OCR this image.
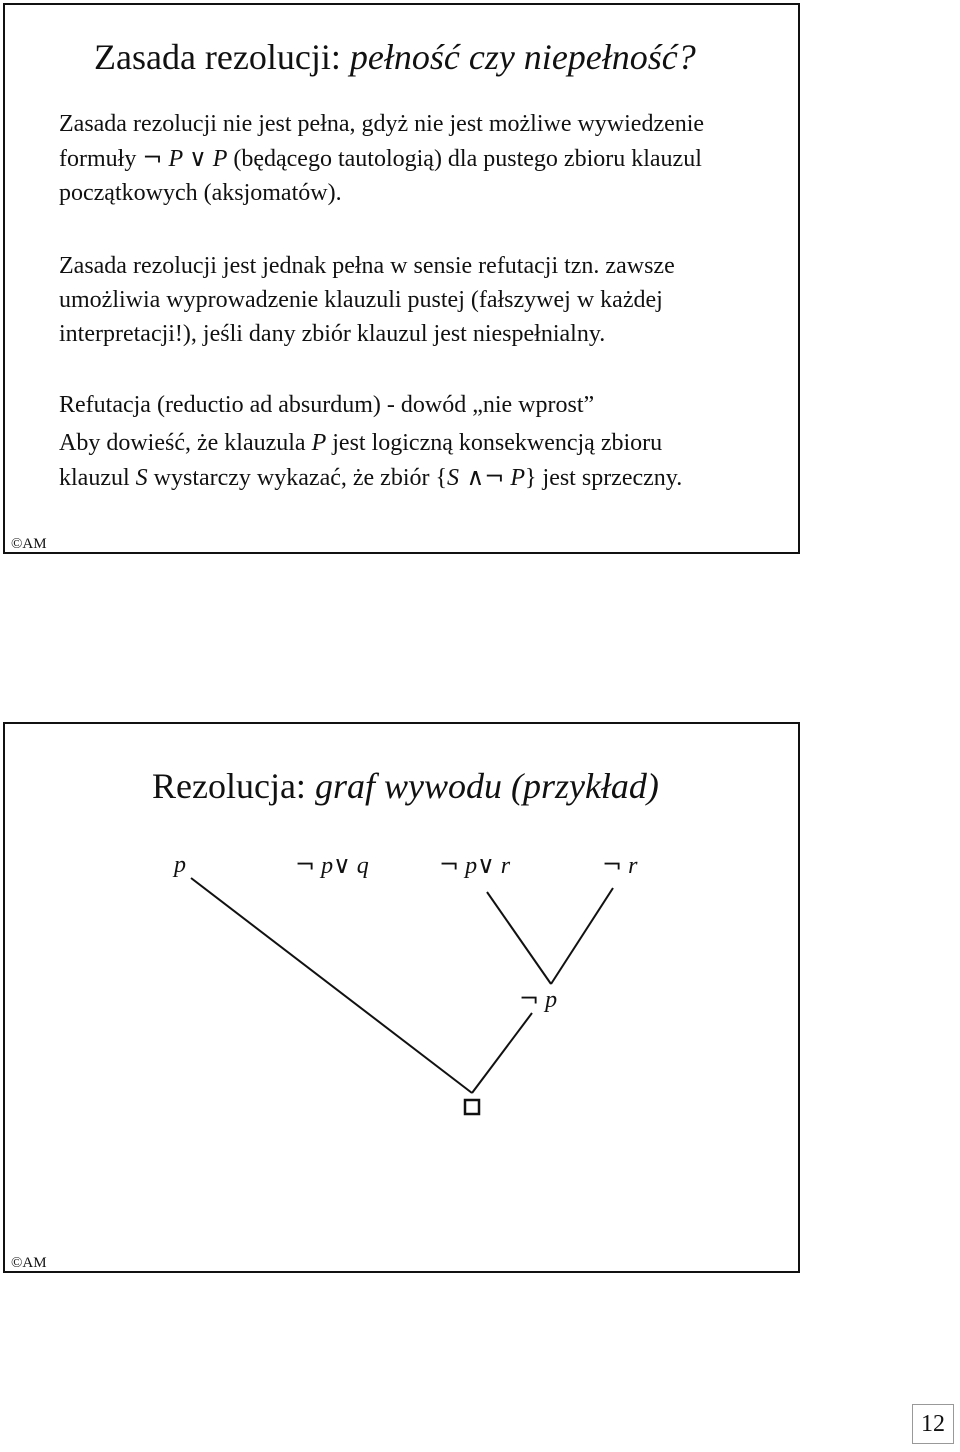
Zasada rezolucji: pełność czy niepełność?
Zasada rezolucji nie jest pełna, gdyż nie jest możliwe wywiedzenie
formuły ¬ P ∨ P (będącego tautologią) dla pustego zbioru klauzul
początkowych (aksjomatów).
Zasada rezolucji jest jednak pełna w sensie refutacji tzn. zawsze
umożliwia wyprowadzenie klauzuli pustej (fałszywej w każdej
interpretacji!), jeśli dany zbiór klauzul jest niespełnialny.
Refutacja (reductio ad absurdum) - dowód „nie wprost”
Aby dowieść, że klauzula P jest logiczną konsekwencją zbioru
klauzul S wystarczy wykazać, że zbiór {S ∧¬ P} jest sprzeczny.
©AM
Rezolucja: graf wywodu (przykład)
p	¬ p∨ q	¬ p∨ r	¬ r
¬ p
©AM
12
